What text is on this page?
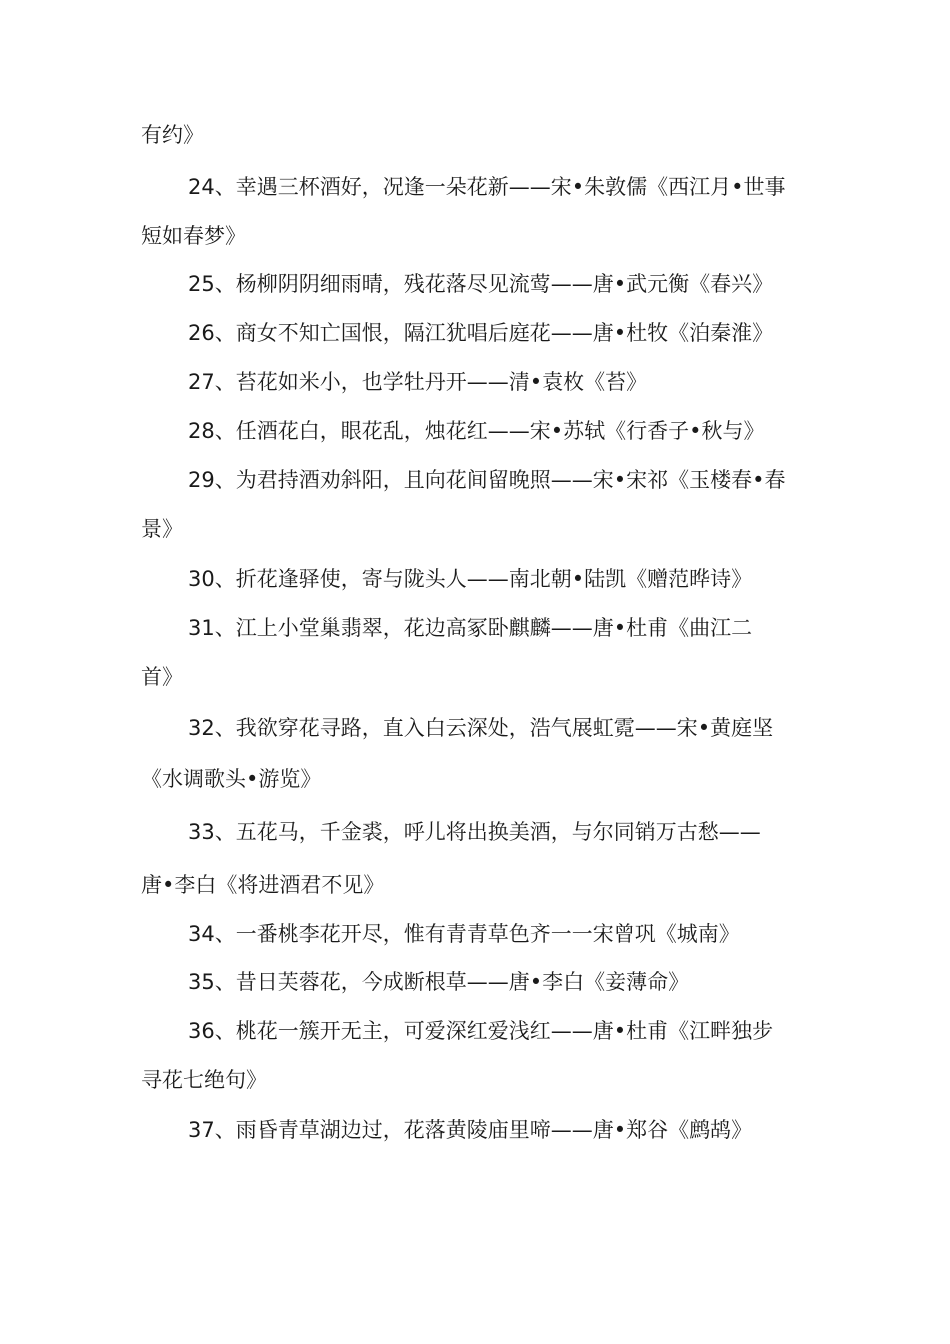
有约》
24、幸遇三杯酒好，况逢一朵花新——宋•朱敦儒《西江月•世事
短如春梦》
25、杨柳阴阴细雨晴，残花落尽见流莺——唐•武元衡《春兴》
26、商女不知亡国恨，隔江犹唱后庭花——唐•杜牧《泊秦淮》
27、苔花如米小，也学牡丹开——清•袁枚《苔》
28、任酒花白，眼花乱，烛花红——宋•苏轼《行香子•秋与》
29、为君持酒劝斜阳，且向花间留晚照——宋•宋祁《玉楼春•春
景》
30、折花逢驿使，寄与陇头人——南北朝•陆凯《赠范晔诗》
31、江上小堂巢翡翠，花边高冢卧麒麟——唐•杜甫《曲江二
首》
32、我欲穿花寻路，直入白云深处，浩气展虹霓——宋•黄庭坚
《水调歌头•游览》
33、五花马，千金裘，呼儿将出换美酒，与尔同销万古愁——
唐•李白《将进酒君不见》
34、一番桃李花开尽，惟有青青草色齐一一宋曾巩《城南》
35、昔日芙蓉花，今成断根草——唐•李白《妾薄命》
36、桃花一簇开无主，可爱深红爱浅红——唐•杜甫《江畔独步
寻花七绝句》
37、雨昏青草湖边过，花落黄陵庙里啼——唐•郑谷《鹧鸪》
